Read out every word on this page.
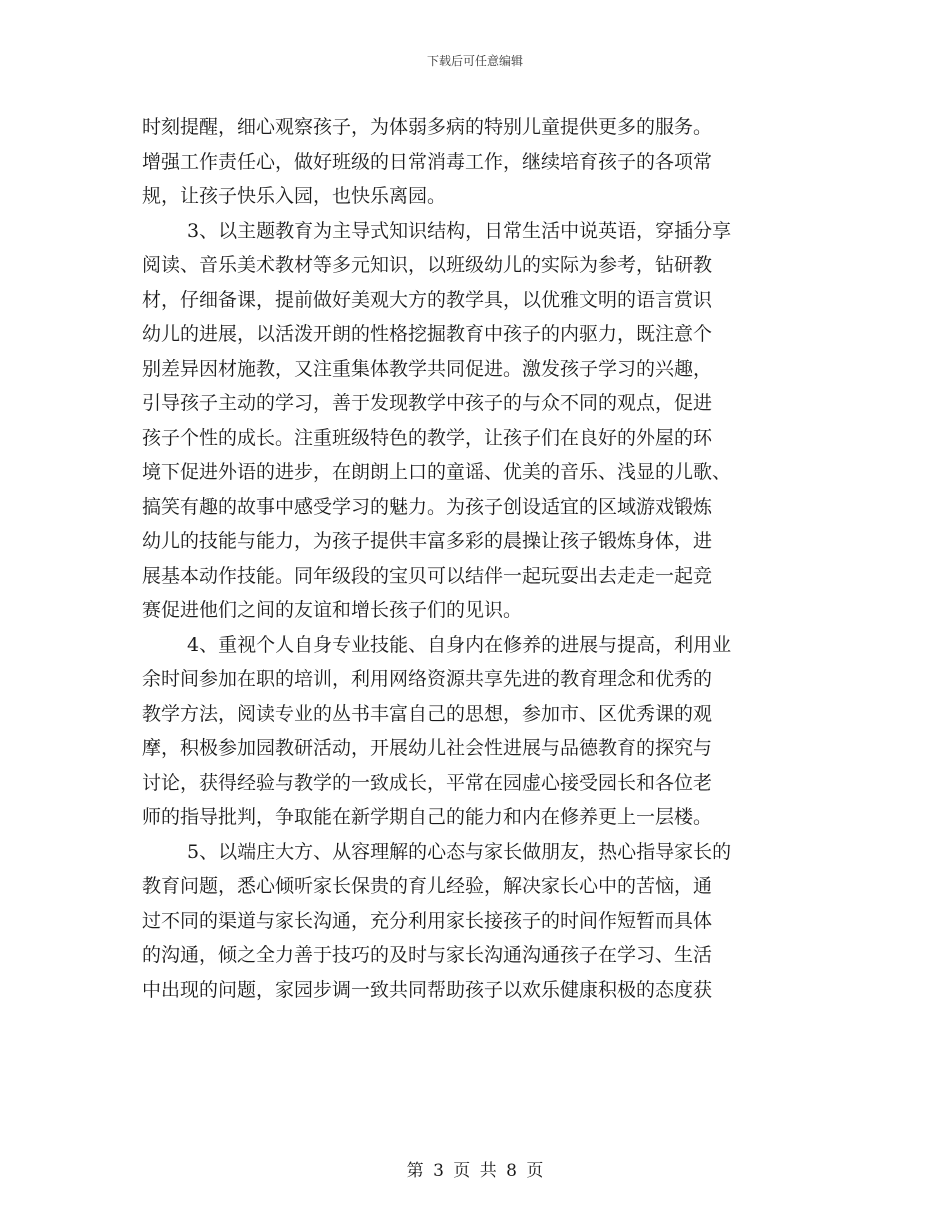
下载后可任意编辑
时刻提醒，细心观察孩子，为体弱多病的特别儿童提供更多的服务。
增强工作责任心，做好班级的日常消毒工作，继续培育孩子的各项常
规，让孩子快乐入园，也快乐离园。
3、以主题教育为主导式知识结构，日常生活中说英语，穿插分享
阅读、音乐美术教材等多元知识，以班级幼儿的实际为参考，钻研教
材，仔细备课，提前做好美观大方的教学具，以优雅文明的语言赏识
幼儿的进展，以活泼开朗的性格挖掘教育中孩子的内驱力，既注意个
别差异因材施教，又注重集体教学共同促进。激发孩子学习的兴趣，
引导孩子主动的学习，善于发现教学中孩子的与众不同的观点，促进
孩子个性的成长。注重班级特色的教学，让孩子们在良好的外屋的环
境下促进外语的进步，在朗朗上口的童谣、优美的音乐、浅显的儿歌、
搞笑有趣的故事中感受学习的魅力。为孩子创设适宜的区域游戏锻炼
幼儿的技能与能力，为孩子提供丰富多彩的晨操让孩子锻炼身体，进
展基本动作技能。同年级段的宝贝可以结伴一起玩耍出去走走一起竞
赛促进他们之间的友谊和增长孩子们的见识。
4、重视个人自身专业技能、自身内在修养的进展与提高，利用业
余时间参加在职的培训，利用网络资源共享先进的教育理念和优秀的
教学方法，阅读专业的丛书丰富自己的思想，参加市、区优秀课的观
摩，积极参加园教研活动，开展幼儿社会性进展与品德教育的探究与
讨论，获得经验与教学的一致成长，平常在园虚心接受园长和各位老
师的指导批判，争取能在新学期自己的能力和内在修养更上一层楼。
5、以端庄大方、从容理解的心态与家长做朋友，热心指导家长的
教育问题，悉心倾听家长保贵的育儿经验，解决家长心中的苦恼，通
过不同的渠道与家长沟通，充分利用家长接孩子的时间作短暂而具体
的沟通，倾之全力善于技巧的及时与家长沟通沟通孩子在学习、生活
中出现的问题，家园步调一致共同帮助孩子以欢乐健康积极的态度获
第 3 页 共 8 页
